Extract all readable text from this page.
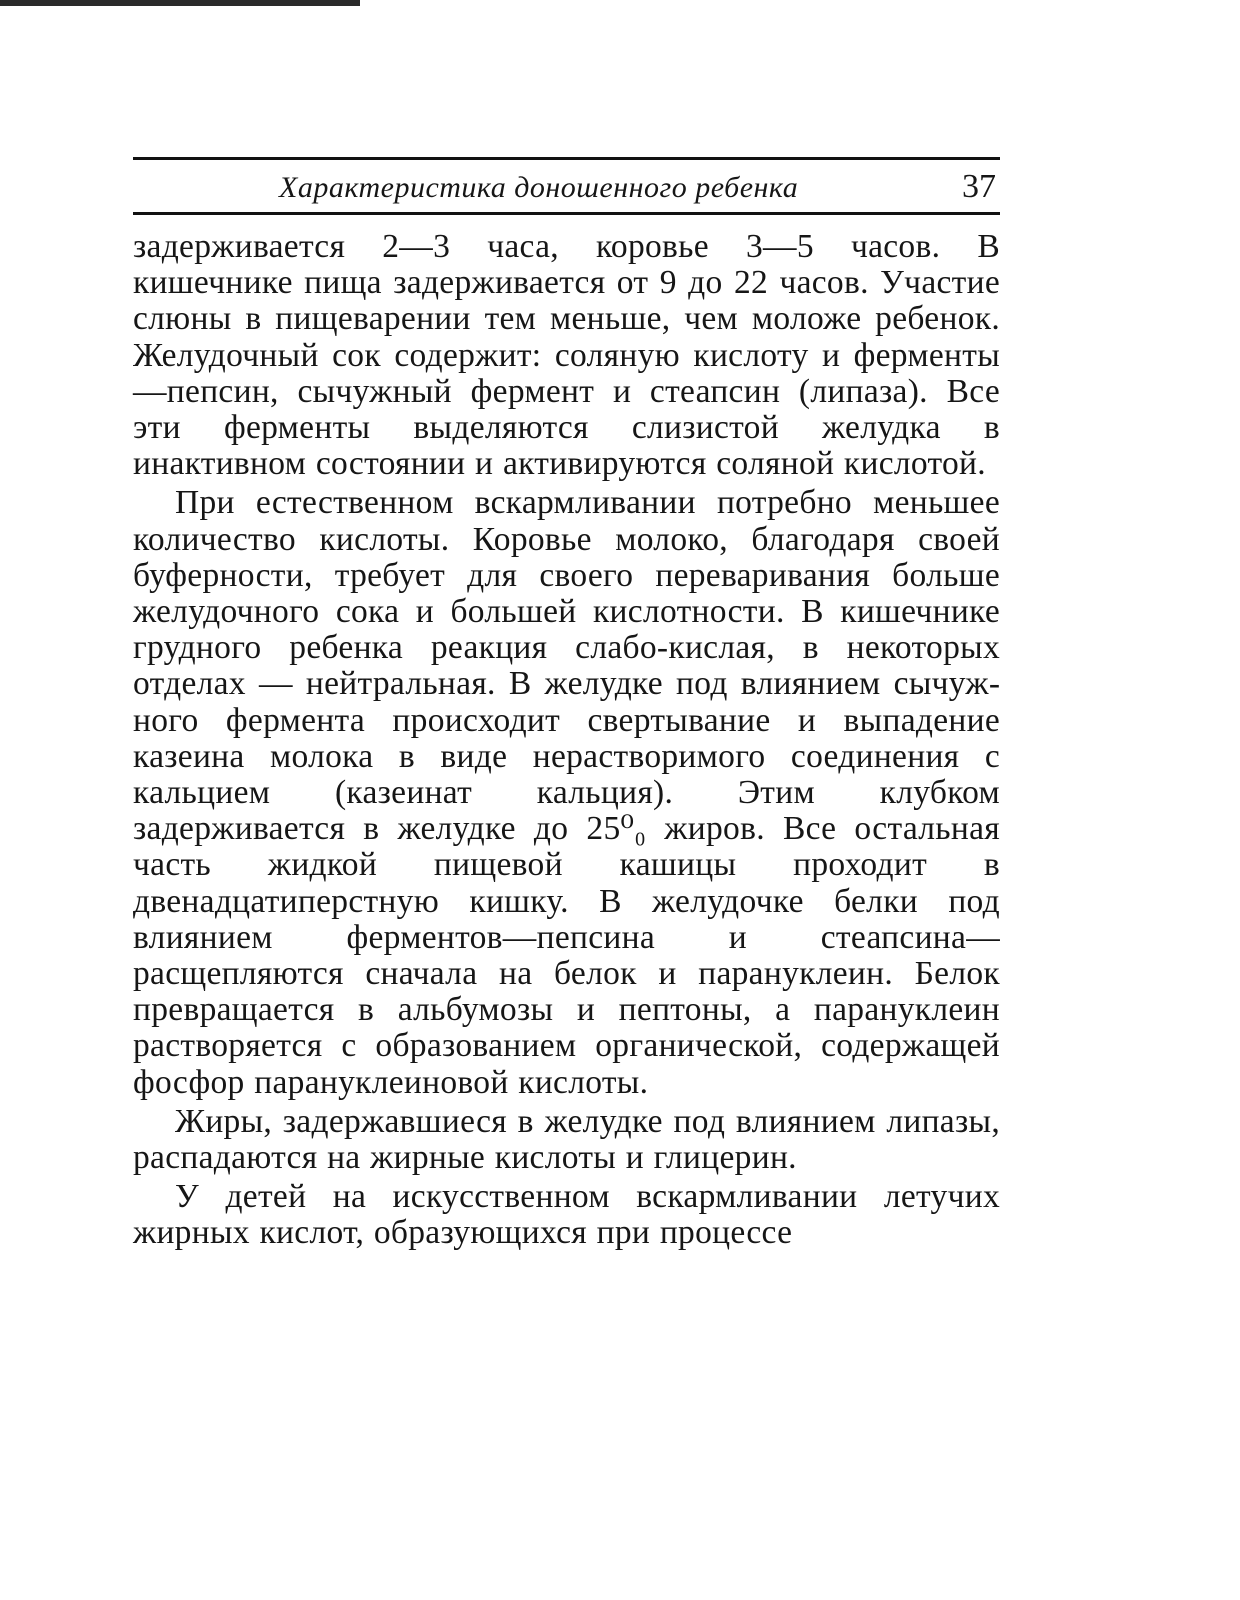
Характеристика доношенного ребенка	37

задерживается 2—3 часа, коровье 3—5 часов. В кишечнике пища задерживается от 9 до 22 часов. Участие слюны в пищеварении тем меньше, чем моложе ребенок. Желудочный сок содержит: соляную кислоту и ферменты—пепсин, сычужный фермент и стеапсин (липаза). Все эти ферменты выделяются слизистой желудка в инактивном состоянии и активируются соляной кислотой.

При естественном вскармливании потребно меньшее количество кислоты. Коровье молоко, благодаря своей буферности, требует для своего переваривания больше желудочного сока и большей кислотности. В кишечнике грудного ребенка реакция слабо-кислая, в некоторых отделах — нейтральная. В желудке под влиянием сычужного фермента происходит свертывание и выпадение казеина молока в виде нерастворимого соединения с кальцием (казеинат кальция). Этим клубком задерживается в желудке до 25⁰₀ жиров. Все остальная часть жидкой пищевой кашицы проходит в двенадцатиперстную кишку. В желудочке белки под влиянием ферментов—пепсина и стеапсина—расщепляются сначала на белок и парануклеин. Белок превращается в альбумозы и пептоны, а парануклеин растворяется с образованием органической, содержащей фосфор парануклеиновой кислоты.

Жиры, задержавшиеся в желудке под влиянием липазы, распадаются на жирные кислоты и глицерин.

У детей на искусственном вскармливании летучих жирных кислот, образующихся при процессе
